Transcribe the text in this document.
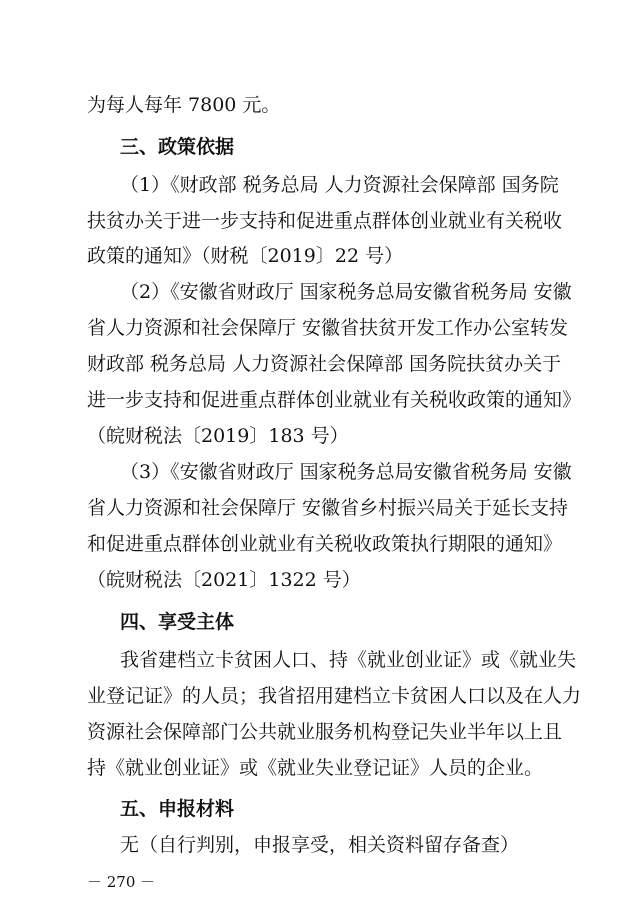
为每人每年 7800 元。
三、政策依据
（1）《财政部 税务总局 人力资源社会保障部 国务院
扶贫办关于进一步支持和促进重点群体创业就业有关税收
政策的通知》（财税〔2019〕22 号）
（2）《安徽省财政厅 国家税务总局安徽省税务局 安徽
省人力资源和社会保障厅 安徽省扶贫开发工作办公室转发
财政部 税务总局 人力资源社会保障部 国务院扶贫办关于
进一步支持和促进重点群体创业就业有关税收政策的通知》
（皖财税法〔2019〕183 号）
（3）《安徽省财政厅 国家税务总局安徽省税务局 安徽
省人力资源和社会保障厅 安徽省乡村振兴局关于延长支持
和促进重点群体创业就业有关税收政策执行期限的通知》
（皖财税法〔2021〕1322 号）
四、享受主体
我省建档立卡贫困人口、持《就业创业证》或《就业失
业登记证》的人员；我省招用建档立卡贫困人口以及在人力
资源社会保障部门公共就业服务机构登记失业半年以上且
持《就业创业证》或《就业失业登记证》人员的企业。
五、申报材料
无（自行判别，申报享受，相关资料留存备查）
－ 270 －
